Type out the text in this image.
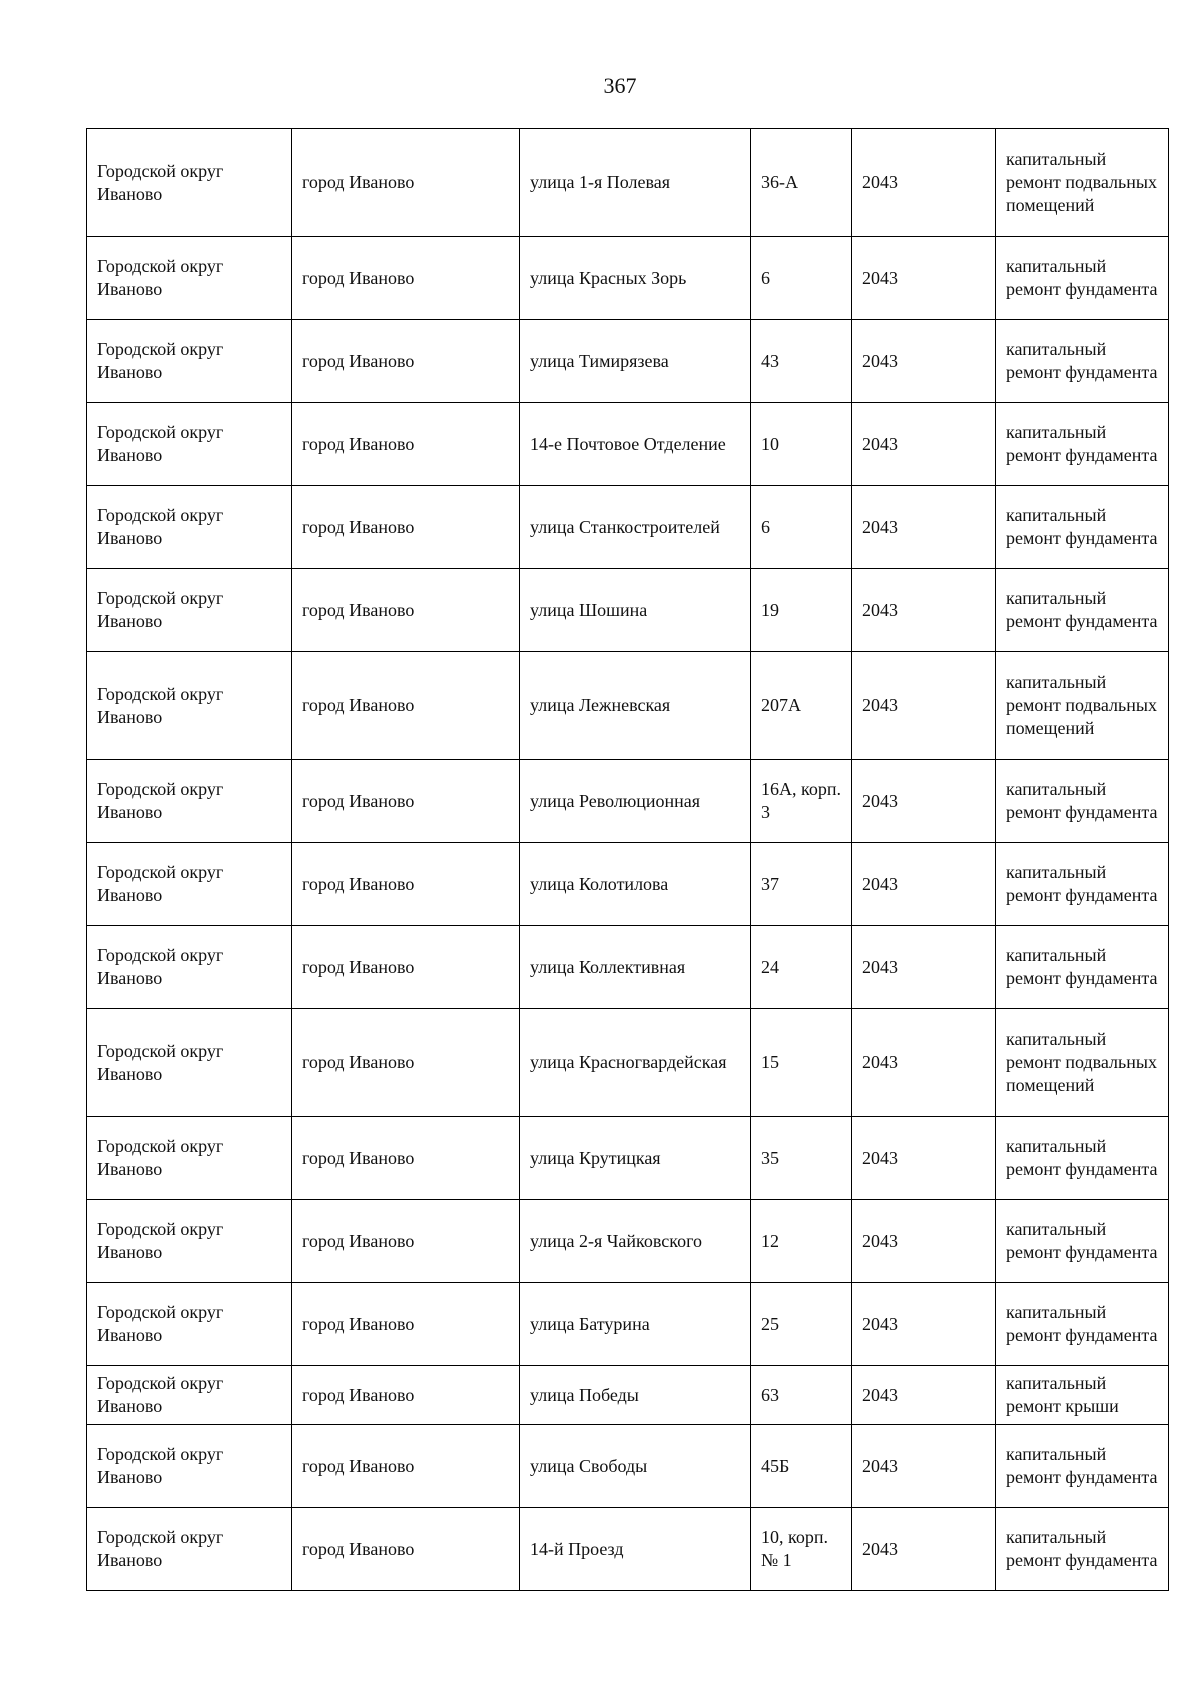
367
Городской округ Иваново	город Иваново	улица 1-я Полевая	36-А	2043	капитальный ремонт подвальных помещений
Городской округ Иваново	город Иваново	улица Красных Зорь	6	2043	капитальный ремонт фундамента
Городской округ Иваново	город Иваново	улица Тимирязева	43	2043	капитальный ремонт фундамента
Городской округ Иваново	город Иваново	14-е Почтовое Отделение	10	2043	капитальный ремонт фундамента
Городской округ Иваново	город Иваново	улица Станкостроителей	6	2043	капитальный ремонт фундамента
Городской округ Иваново	город Иваново	улица Шошина	19	2043	капитальный ремонт фундамента
Городской округ Иваново	город Иваново	улица Лежневская	207А	2043	капитальный ремонт подвальных помещений
Городской округ Иваново	город Иваново	улица Революционная	16А, корп. 3	2043	капитальный ремонт фундамента
Городской округ Иваново	город Иваново	улица Колотилова	37	2043	капитальный ремонт фундамента
Городской округ Иваново	город Иваново	улица Коллективная	24	2043	капитальный ремонт фундамента
Городской округ Иваново	город Иваново	улица Красногвардейская	15	2043	капитальный ремонт подвальных помещений
Городской округ Иваново	город Иваново	улица Крутицкая	35	2043	капитальный ремонт фундамента
Городской округ Иваново	город Иваново	улица 2-я Чайковского	12	2043	капитальный ремонт фундамента
Городской округ Иваново	город Иваново	улица Батурина	25	2043	капитальный ремонт фундамента
Городской округ Иваново	город Иваново	улица Победы	63	2043	капитальный ремонт крыши
Городской округ Иваново	город Иваново	улица Свободы	45Б	2043	капитальный ремонт фундамента
Городской округ Иваново	город Иваново	14-й Проезд	10, корп. № 1	2043	капитальный ремонт фундамента
